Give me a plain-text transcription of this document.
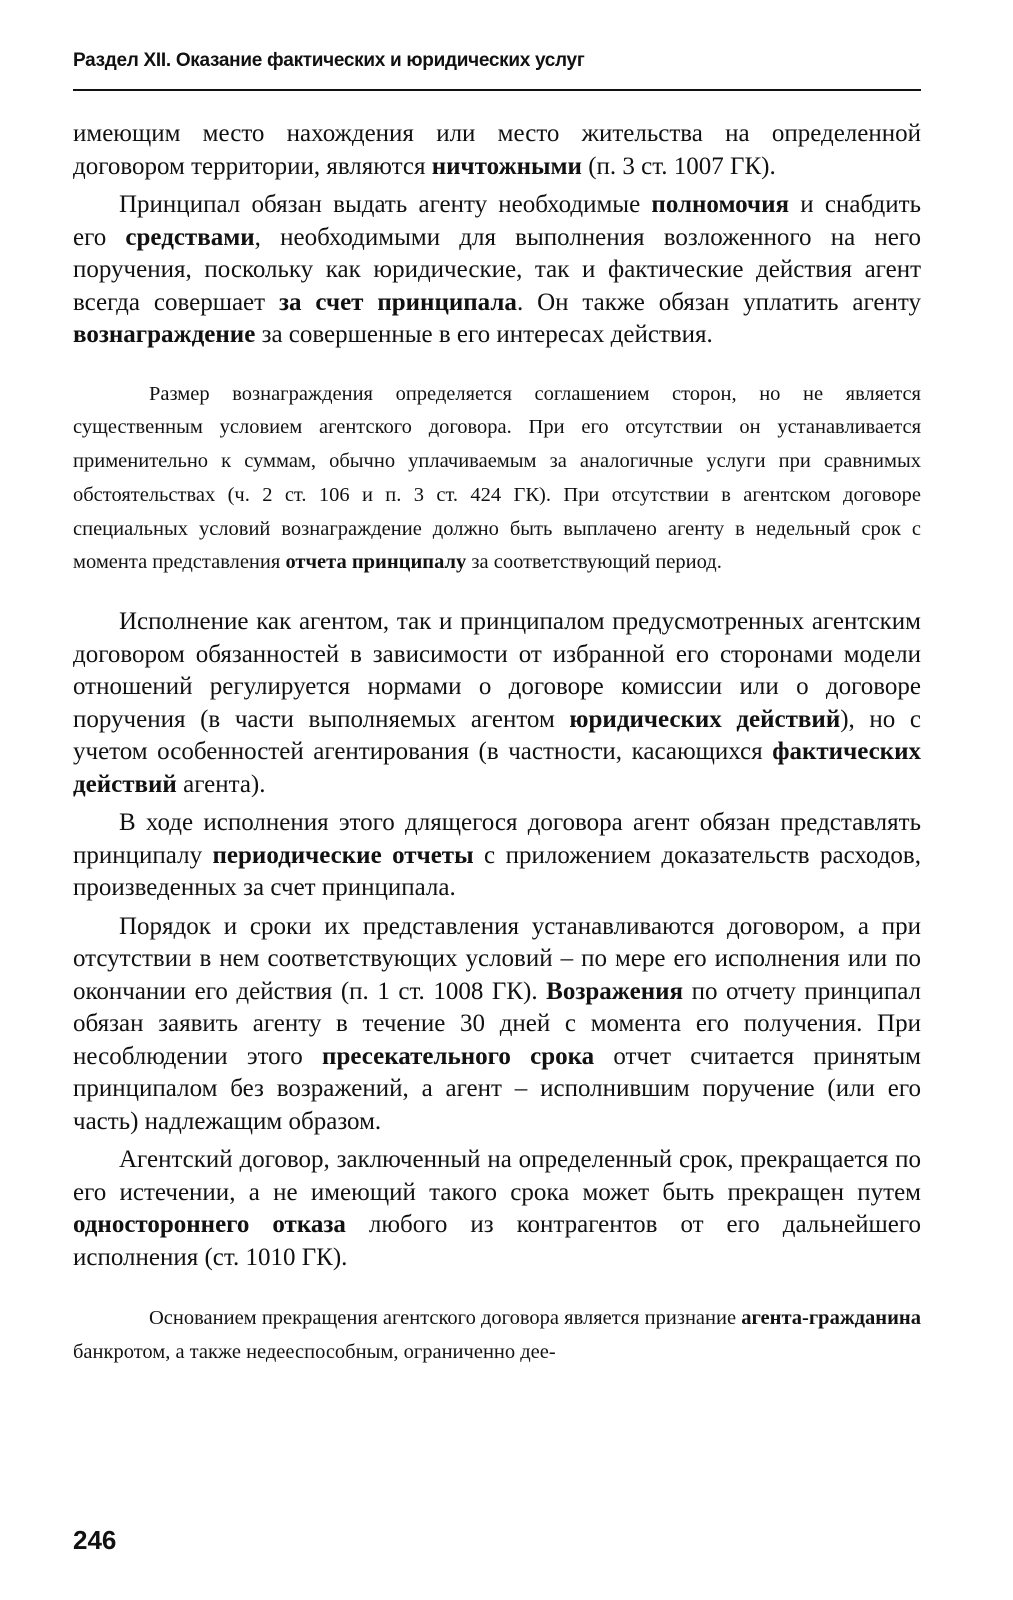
Раздел XII. Оказание фактических и юридических услуг

имеющим место нахождения или место жительства на определенной договором территории, являются ничтожными (п. 3 ст. 1007 ГК).

Принципал обязан выдать агенту необходимые полномочия и снабдить его средствами, необходимыми для выполнения возложенного на него поручения, поскольку как юридические, так и фактические действия агент всегда совершает за счет принципала. Он также обязан уплатить агенту вознаграждение за совершенные в его интересах действия.

Размер вознаграждения определяется соглашением сторон, но не является существенным условием агентского договора. При его отсутствии он устанавливается применительно к суммам, обычно уплачиваемым за аналогичные услуги при сравнимых обстоятельствах (ч. 2 ст. 106 и п. 3 ст. 424 ГК). При отсутствии в агентском договоре специальных условий вознаграждение должно быть выплачено агенту в недельный срок с момента представления отчета принципалу за соответствующий период.

Исполнение как агентом, так и принципалом предусмотренных агентским договором обязанностей в зависимости от избранной его сторонами модели отношений регулируется нормами о договоре комиссии или о договоре поручения (в части выполняемых агентом юридических действий), но с учетом особенностей агентирования (в частности, касающихся фактических действий агента).

В ходе исполнения этого длящегося договора агент обязан представлять принципалу периодические отчеты с приложением доказательств расходов, произведенных за счет принципала.

Порядок и сроки их представления устанавливаются договором, а при отсутствии в нем соответствующих условий – по мере его исполнения или по окончании его действия (п. 1 ст. 1008 ГК). Возражения по отчету принципал обязан заявить агенту в течение 30 дней с момента его получения. При несоблюдении этого пресекательного срока отчет считается принятым принципалом без возражений, а агент – исполнившим поручение (или его часть) надлежащим образом.

Агентский договор, заключенный на определенный срок, прекращается по его истечении, а не имеющий такого срока может быть прекращен путем одностороннего отказа любого из контрагентов от его дальнейшего исполнения (ст. 1010 ГК).

Основанием прекращения агентского договора является признание агента-гражданина банкротом, а также недееспособным, ограниченно дее-

246
